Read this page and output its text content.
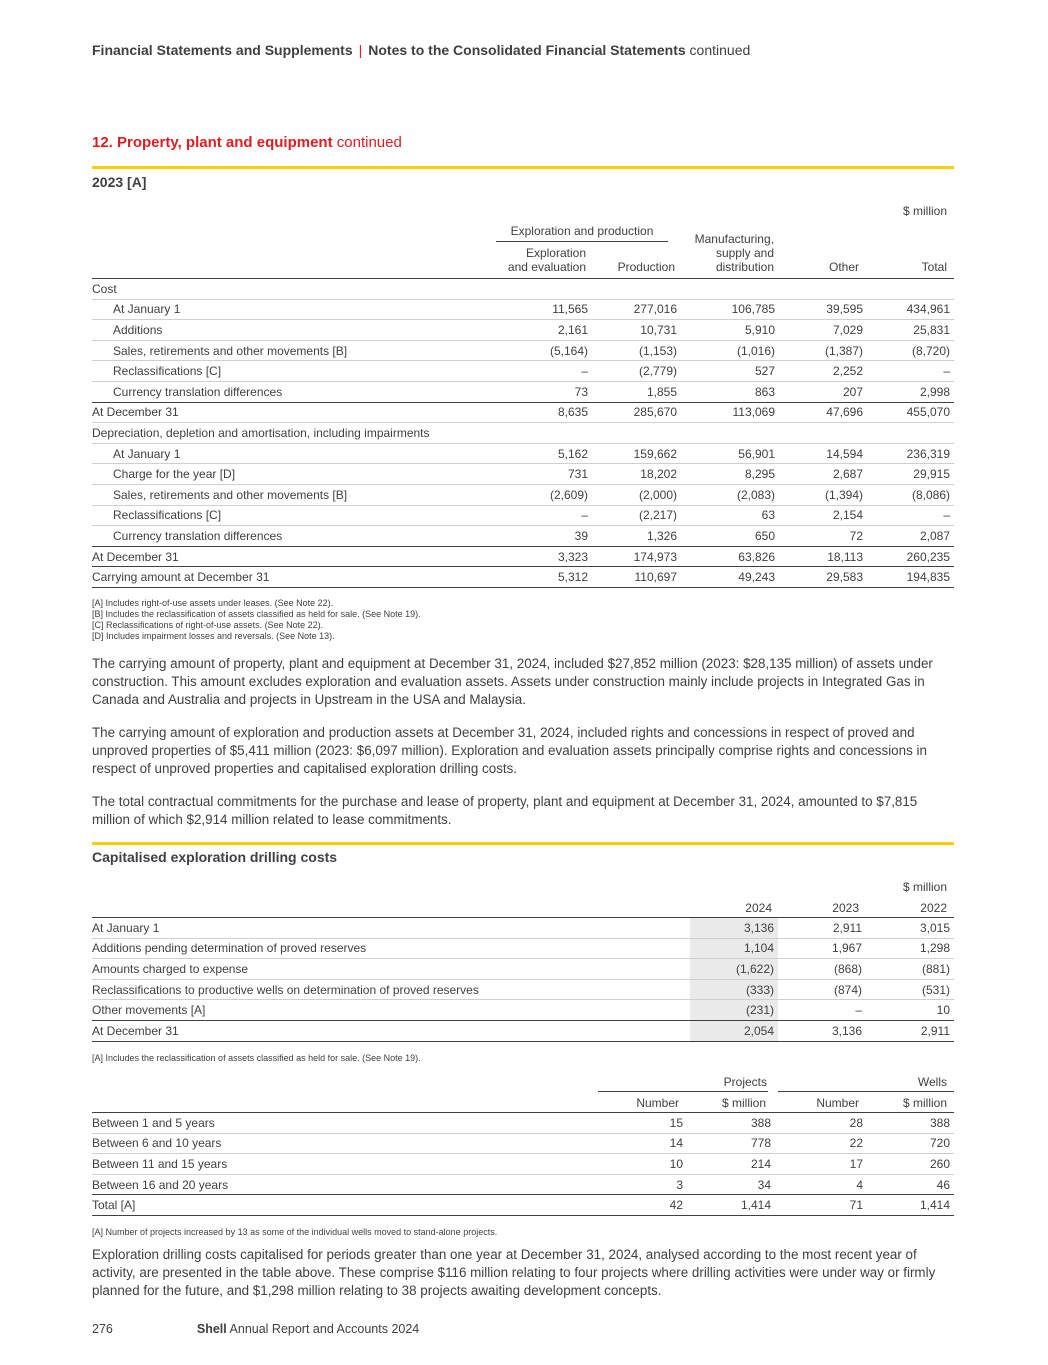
Financial Statements and Supplements | Notes to the Consolidated Financial Statements continued
12. Property, plant and equipment continued
2023 [A]
$ million
Exploration and production
Exploration
and evaluation	Production
Manufacturing,
supply and
distribution	Other	Total
Cost					
At January 1	11,565	277,016	106,785	39,595	434,961
Additions	2,161	10,731	5,910	7,029	25,831
Sales, retirements and other movements [B]	(5,164)	(1,153)	(1,016)	(1,387)	(8,720)
Reclassifications [C]	–	(2,779)	527	2,252	–
Currency translation differences	73	1,855	863	207	2,998
At December 31	8,635	285,670	113,069	47,696	455,070
Depreciation, depletion and amortisation, including impairments					
At January 1	5,162	159,662	56,901	14,594	236,319
Charge for the year [D]	731	18,202	8,295	2,687	29,915
Sales, retirements and other movements [B]	(2,609)	(2,000)	(2,083)	(1,394)	(8,086)
Reclassifications [C]	–	(2,217)	63	2,154	–
Currency translation differences	39	1,326	650	72	2,087
At December 31	3,323	174,973	63,826	18,113	260,235
Carrying amount at December 31	5,312	110,697	49,243	29,583	194,835
[A] Includes right-of-use assets under leases. (See Note 22).
[B] Includes the reclassification of assets classified as held for sale. (See Note 19).
[C] Reclassifications of right-of-use assets. (See Note 22).
[D] Includes impairment losses and reversals. (See Note 13).
The carrying amount of property, plant and equipment at December 31, 2024, included $27,852 million (2023: $28,135 million) of assets under construction. This amount excludes exploration and evaluation assets. Assets under construction mainly include projects in Integrated Gas in Canada and Australia and projects in Upstream in the USA and Malaysia.
The carrying amount of exploration and production assets at December 31, 2024, included rights and concessions in respect of proved and unproved properties of $5,411 million (2023: $6,097 million). Exploration and evaluation assets principally comprise rights and concessions in respect of unproved properties and capitalised exploration drilling costs.
The total contractual commitments for the purchase and lease of property, plant and equipment at December 31, 2024, amounted to $7,815 million of which $2,914 million related to lease commitments.
Capitalised exploration drilling costs
$ million
2024	2023	2022
At January 1	3,136	2,911	3,015
Additions pending determination of proved reserves	1,104	1,967	1,298
Amounts charged to expense	(1,622)	(868)	(881)
Reclassifications to productive wells on determination of proved reserves	(333)	(874)	(531)
Other movements [A]	(231)	–	10
At December 31	2,054	3,136	2,911
[A] Includes the reclassification of assets classified as held for sale. (See Note 19).
Projects	Wells
Number	$ million	Number	$ million
Between 1 and 5 years	15	388	28	388
Between 6 and 10 years	14	778	22	720
Between 11 and 15 years	10	214	17	260
Between 16 and 20 years	3	34	4	46
Total [A]	42	1,414	71	1,414
[A] Number of projects increased by 13 as some of the individual wells moved to stand-alone projects.
Exploration drilling costs capitalised for periods greater than one year at December 31, 2024, analysed according to the most recent year of activity, are presented in the table above. These comprise $116 million relating to four projects where drilling activities were under way or firmly planned for the future, and $1,298 million relating to 38 projects awaiting development concepts.
276	Shell Annual Report and Accounts 2024
